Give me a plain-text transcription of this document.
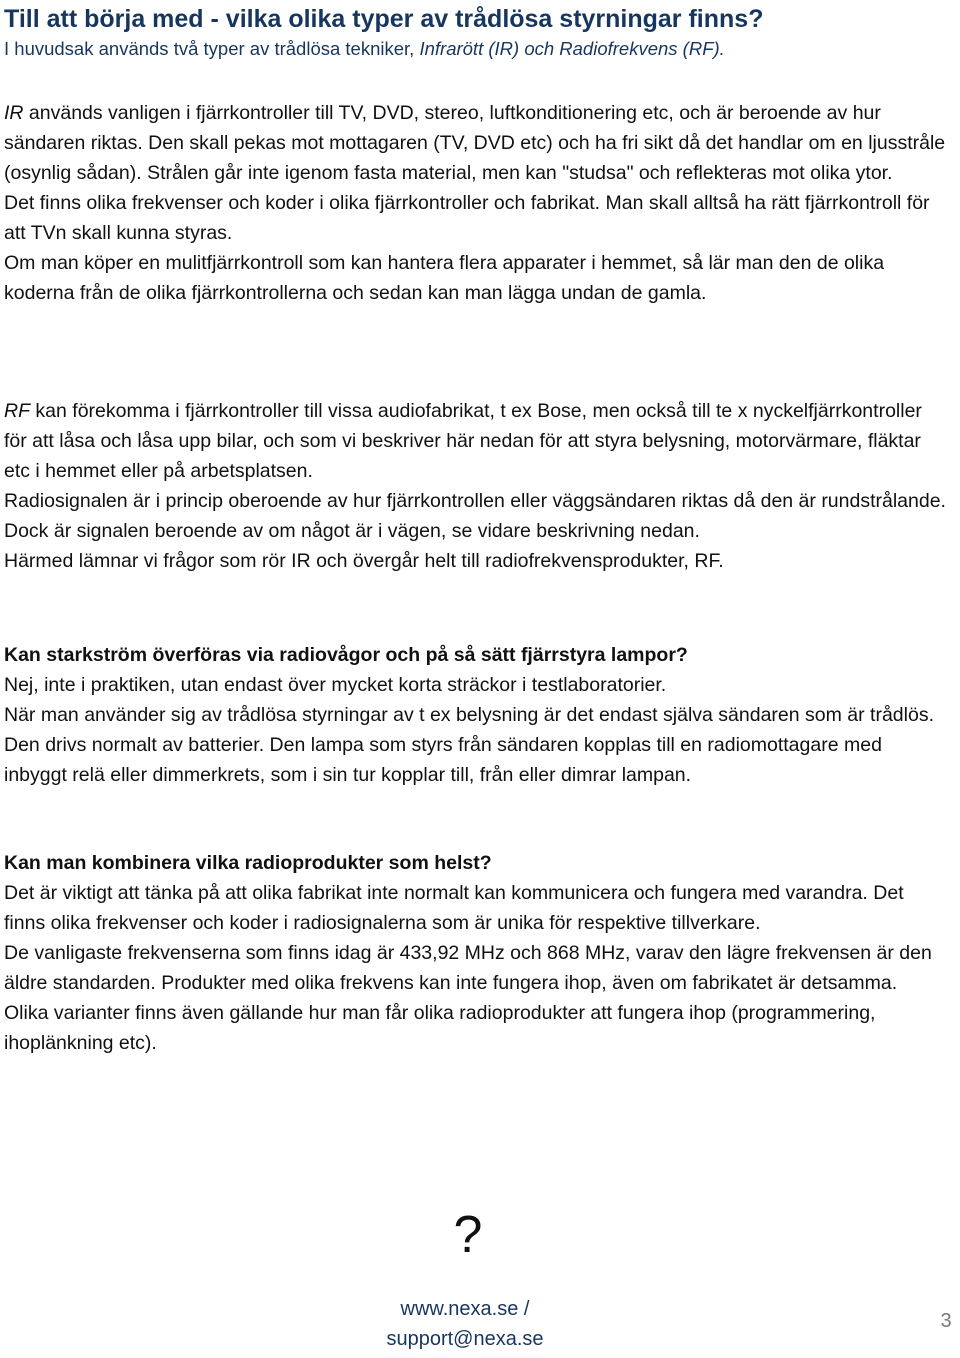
Till att börja med - vilka olika typer av trådlösa styrningar finns?
I huvudsak används två typer av trådlösa tekniker, Infrarött (IR) och Radiofrekvens (RF).
IR används vanligen i fjärrkontroller till TV, DVD, stereo, luftkonditionering etc, och är beroende av hur sändaren riktas. Den skall pekas mot mottagaren (TV, DVD etc) och ha fri sikt då det handlar om en ljusstråle (osynlig sådan). Strålen går inte igenom fasta material, men kan "studsa" och reflekteras mot olika ytor.
Det finns olika frekvenser och koder i olika fjärrkontroller och fabrikat. Man skall alltså ha rätt fjärrkontroll för att TVn skall kunna styras.
Om man köper en mulitfjärrkontroll som kan hantera flera apparater i hemmet, så lär man den de olika koderna från de olika fjärrkontrollerna och sedan kan man lägga undan de gamla.
RF kan förekomma i fjärrkontroller till vissa audiofabrikat, t ex Bose, men också till te x nyckelfjärrkontroller för att låsa och låsa upp bilar, och som vi beskriver här nedan för att styra belysning, motorvärmare, fläktar etc i hemmet eller på arbetsplatsen.
Radiosignalen är i princip oberoende av hur fjärrkontrollen eller väggsändaren riktas då den är rundstrålande. Dock är signalen beroende av om något är i vägen, se vidare beskrivning nedan.
Härmed lämnar vi frågor som rör IR och övergår helt till radiofrekvensprodukter, RF.
Kan starkström överföras via radiovågor och på så sätt fjärrstyra lampor?
Nej, inte i praktiken, utan endast över mycket korta sträckor i testlaboratorier.
När man använder sig av trådlösa styrningar av t ex belysning är det endast själva sändaren som är trådlös. Den drivs normalt av batterier. Den lampa som styrs från sändaren kopplas till en radiomottagare med inbyggt relä eller dimmerkrets, som i sin tur kopplar till, från eller dimrar lampan.
Kan man kombinera vilka radioprodukter som helst?
Det är viktigt att tänka på att olika fabrikat inte normalt kan kommunicera och fungera med varandra. Det finns olika frekvenser och koder i radiosignalerna som är unika för respektive tillverkare.
De vanligaste frekvenserna som finns idag är 433,92 MHz och 868 MHz, varav den lägre frekvensen är den äldre standarden. Produkter med olika frekvens kan inte fungera ihop, även om fabrikatet är detsamma.
Olika varianter finns även gällande hur man får olika radioprodukter att fungera ihop (programmering, ihoplänkning etc).
?
www.nexa.se /
support@nexa.se
3
